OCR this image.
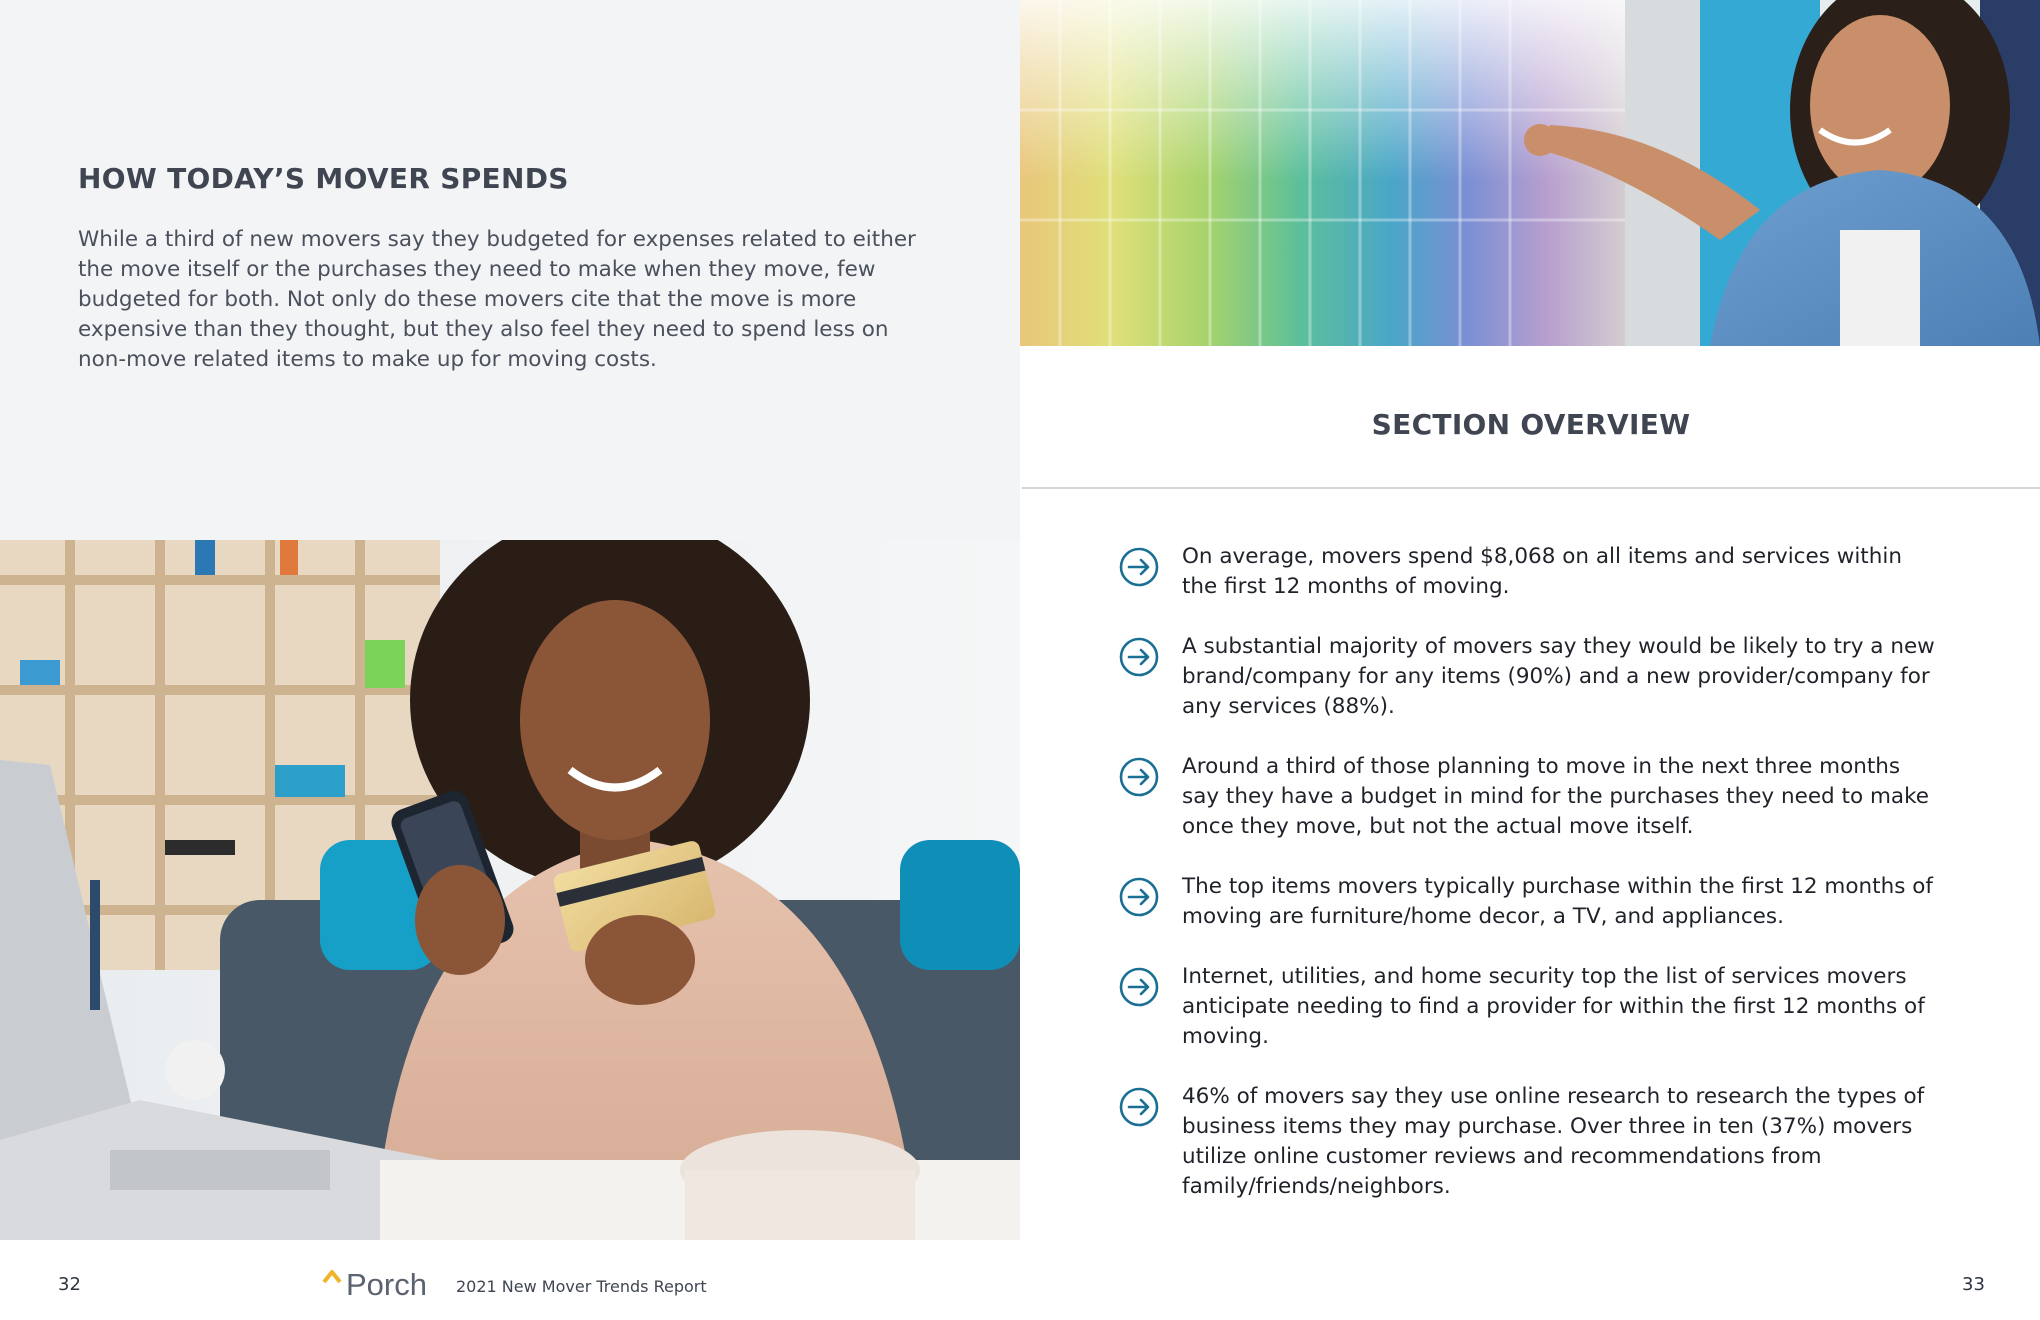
HOW TODAY’S MOVER SPENDS

While a third of new movers say they budgeted for expenses related to either the move itself or the purchases they need to make when they move, few budgeted for both. Not only do these movers cite that the move is more expensive than they thought, but they also feel they need to spend less on non-move related items to make up for moving costs.

SECTION OVERVIEW

On average, movers spend $8,068 on all items and services within the first 12 months of moving.

A substantial majority of movers say they would be likely to try a new brand/company for any items (90%) and a new provider/company for any services (88%).

Around a third of those planning to move in the next three months say they have a budget in mind for the purchases they need to make once they move, but not the actual move itself.

The top items movers typically purchase within the first 12 months of moving are furniture/home decor, a TV, and appliances.

Internet, utilities, and home security top the list of services movers anticipate needing to find a provider for within the first 12 months of moving.

46% of movers say they use online research to research the types of business items they may purchase. Over three in ten (37%) movers utilize online customer reviews and recommendations from family/friends/neighbors.

32	Porch 2021 New Mover Trends Report	33
